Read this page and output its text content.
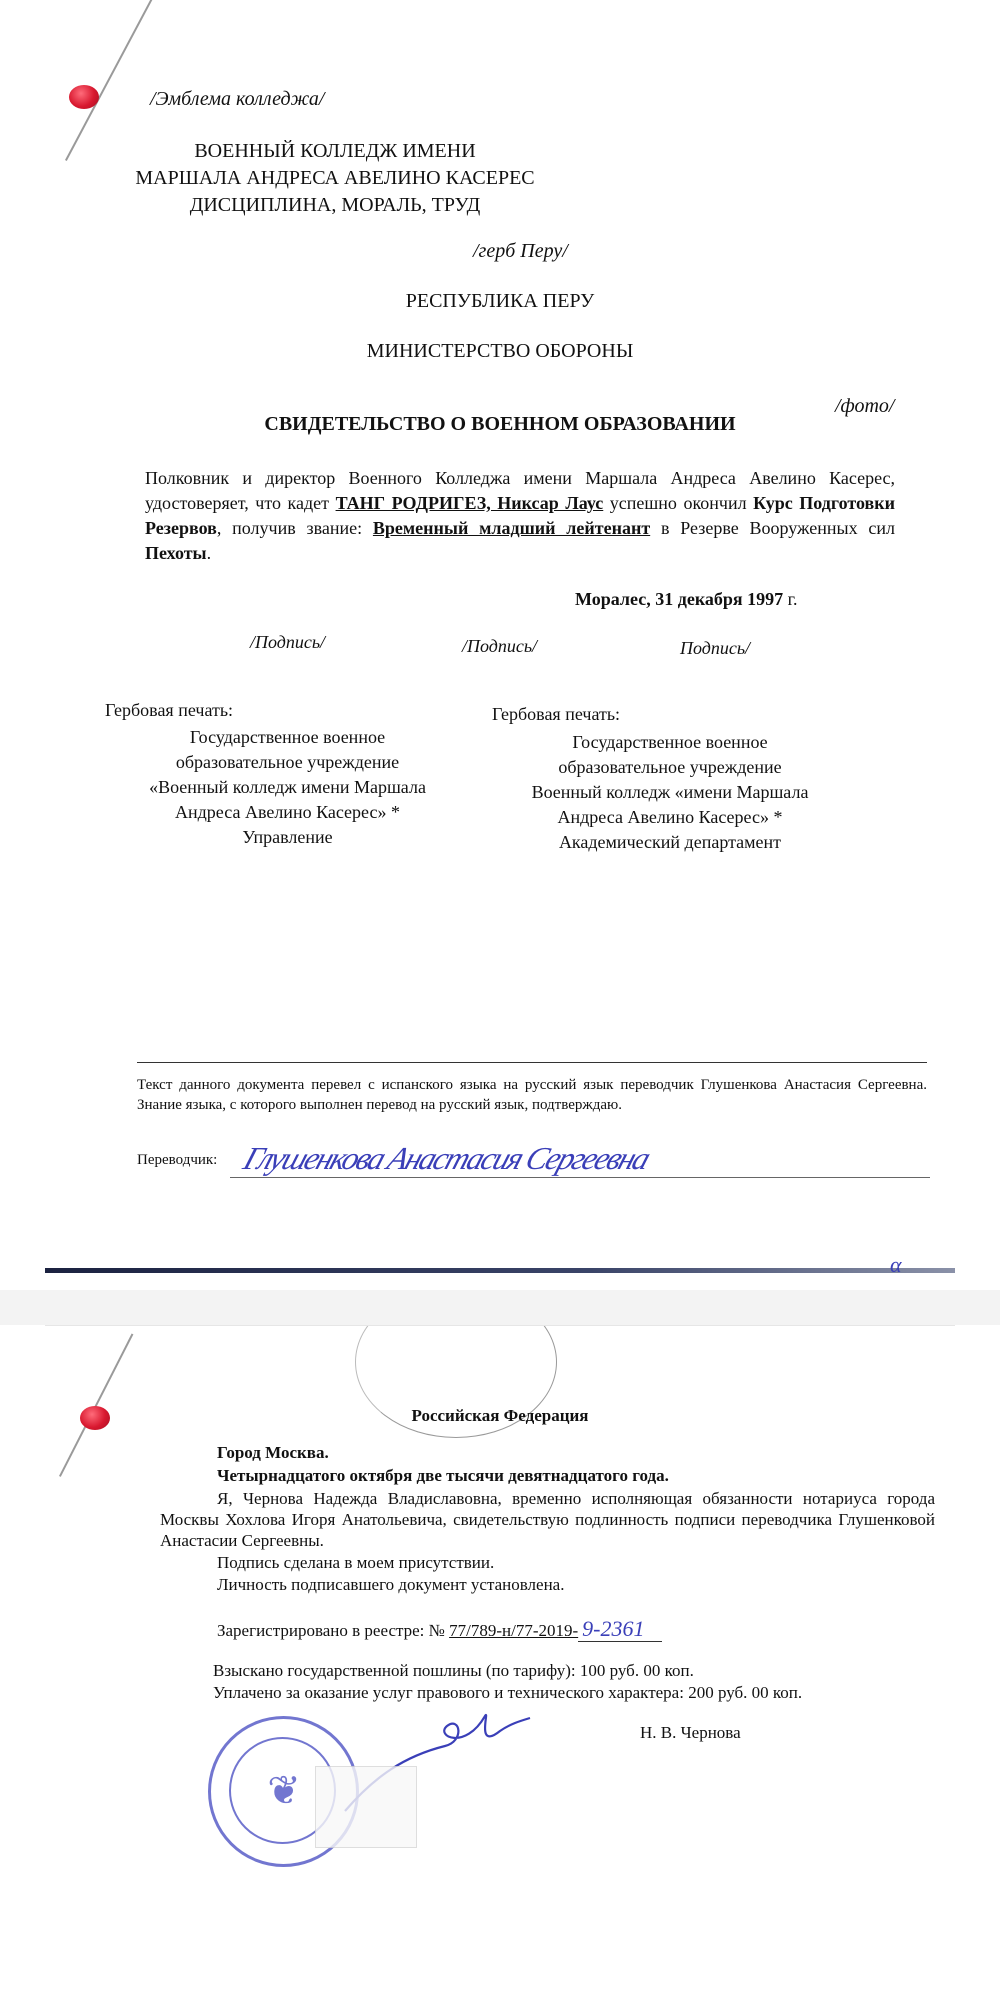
/Эмблема колледжа/
ВОЕННЫЙ КОЛЛЕДЖ ИМЕНИ
МАРШАЛА АНДРЕСА АВЕЛИНО КАСЕРЕС
ДИСЦИПЛИНА, МОРАЛЬ, ТРУД
/герб Перу/
РЕСПУБЛИКА ПЕРУ
МИНИСТЕРСТВО ОБОРОНЫ
/фото/
СВИДЕТЕЛЬСТВО О ВОЕННОМ ОБРАЗОВАНИИ
Полковник и директор Военного Колледжа имени Маршала Андреса Авелино Касерес, удостоверяет, что кадет ТАНГ РОДРИГЕЗ, Никсар Лаус успешно окончил Курс Подготовки Резервов, получив звание: Временный младший лейтенант в Резерве Вооруженных сил Пехоты.
Моралес, 31 декабря 1997 г.
/Подпись/	/Подпись/	Подпись/
Гербовая печать:
Государственное военное
образовательное учреждение
«Военный колледж имени Маршала
Андреса Авелино Касерес» *
Управление
Гербовая печать:
Государственное военное
образовательное учреждение
Военный колледж «имени Маршала
Андреса Авелино Касерес» *
Академический департамент
Текст данного документа перевел с испанского языка на русский язык переводчик Глушенкова Анастасия Сергеевна. Знание языка, с которого выполнен перевод на русский язык, подтверждаю.
Переводчик: Глушенкова Анастасия Сергеевна
α
Российская Федерация
Город Москва.
Четырнадцатого октября две тысячи девятнадцатого года.
Я, Чернова Надежда Владиславовна, временно исполняющая обязанности нотариуса города Москвы Хохлова Игоря Анатольевича, свидетельствую подлинность подписи переводчика Глушенковой Анастасии Сергеевны.
Подпись сделана в моем присутствии.
Личность подписавшего документ установлена.
Зарегистрировано в реестре: № 77/789-н/77-2019- 9-2361
Взыскано государственной пошлины (по тарифу): 100 руб. 00 коп.
Уплачено за оказание услуг правового и технического характера: 200 руб. 00 коп.
Н. В. Чернова
❦
